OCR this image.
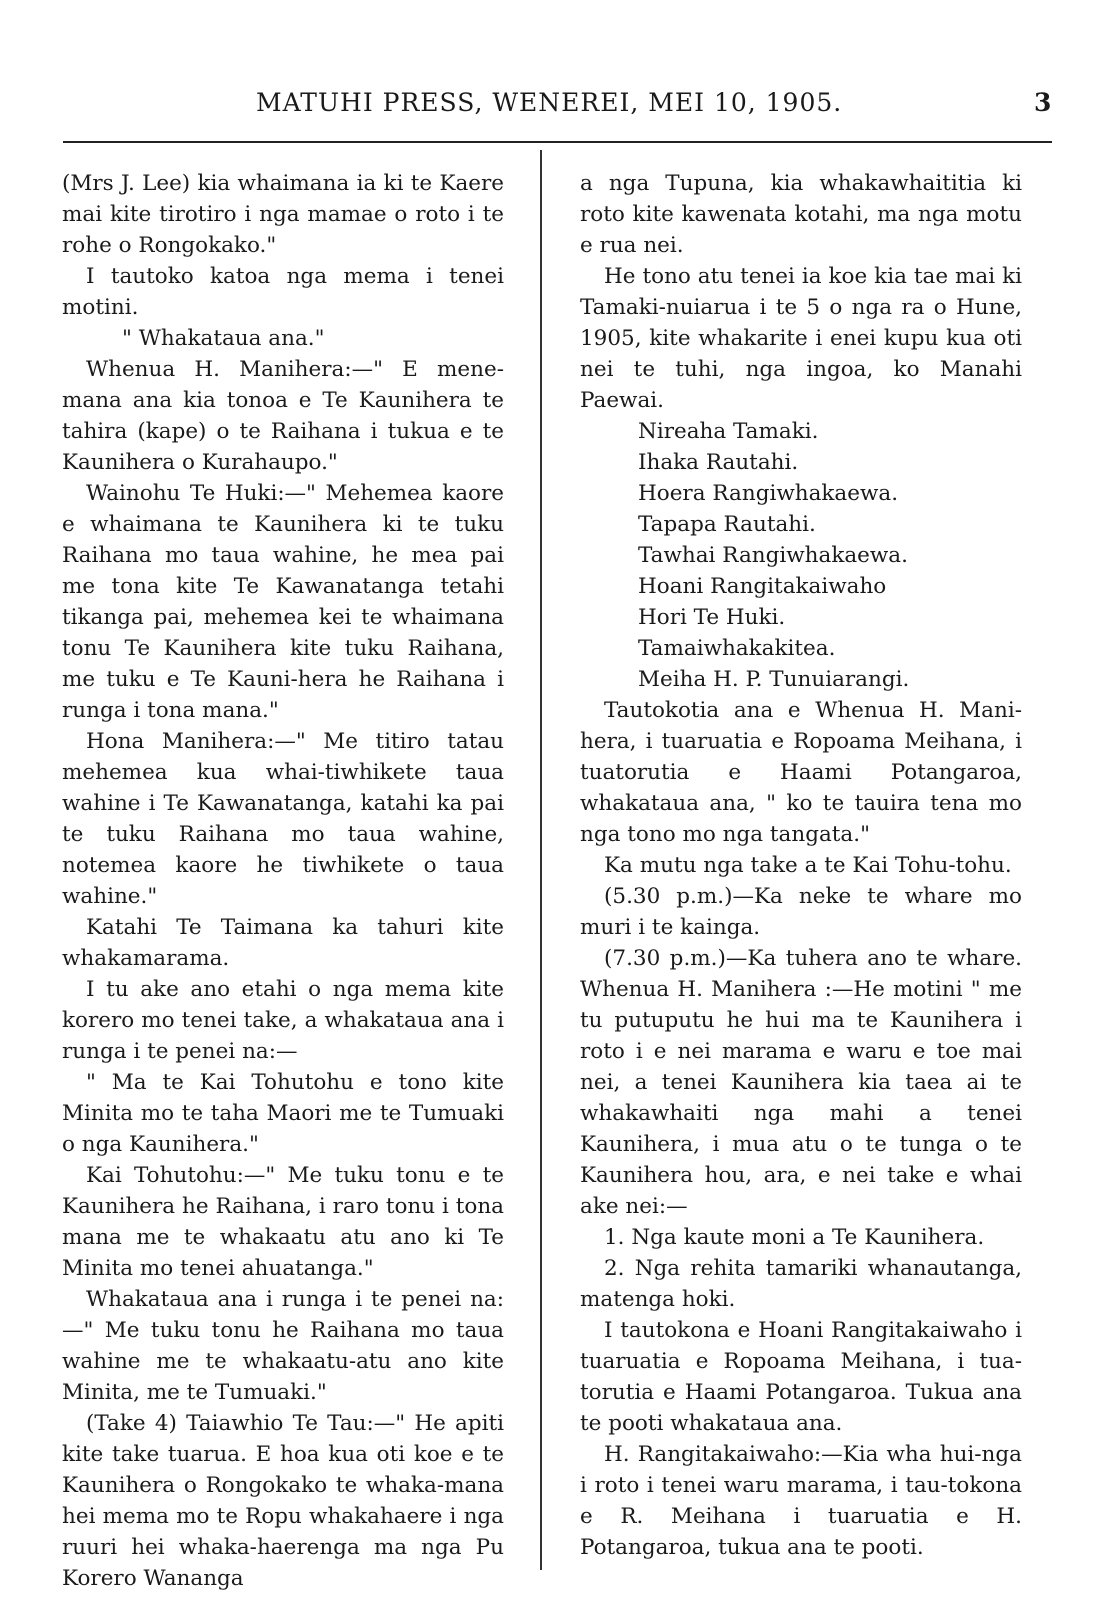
MATUHI PRESS, WENEREI, MEI 10, 1905.	3

(Mrs J. Lee) kia whaimana ia ki te Kaere mai kite tirotiro i nga mamae o roto i te rohe o Rongokako."

I tautoko katoa nga mema i tenei motini.

" Whakataua ana."

Whenua H. Manihera:—" E mene-mana ana kia tonoa e Te Kaunihera te tahira (kape) o te Raihana i tukua e te Kaunihera o Kurahaupo."

Wainohu Te Huki:—" Mehemea kaore e whaimana te Kaunihera ki te tuku Raihana mo taua wahine, he mea pai me tona kite Te Kawanatanga tetahi tikanga pai, mehemea kei te whaimana tonu Te Kaunihera kite tuku Raihana, me tuku e Te Kauni-hera he Raihana i runga i tona mana."

Hona Manihera:—" Me titiro tatau mehemea kua whai-tiwhikete taua wahine i Te Kawanatanga, katahi ka pai te tuku Raihana mo taua wahine, notemea kaore he tiwhikete o taua wahine."

Katahi Te Taimana ka tahuri kite whakamarama.

I tu ake ano etahi o nga mema kite korero mo tenei take, a whakataua ana i runga i te penei na:—

" Ma te Kai Tohutohu e tono kite Minita mo te taha Maori me te Tumuaki o nga Kaunihera."

Kai Tohutohu:—" Me tuku tonu e te Kaunihera he Raihana, i raro tonu i tona mana me te whakaatu atu ano ki Te Minita mo tenei ahuatanga."

Whakataua ana i runga i te penei na:—" Me tuku tonu he Raihana mo taua wahine me te whakaatu-atu ano kite Minita, me te Tumuaki."

(Take 4) Taiawhio Te Tau:—" He apiti kite take tuarua. E hoa kua oti koe e te Kaunihera o Rongokako te whaka-mana hei mema mo te Ropu whakahaere i nga ruuri hei whaka-haerenga ma nga Pu Korero Wananga

a nga Tupuna, kia whakawhaititia ki roto kite kawenata kotahi, ma nga motu e rua nei.

He tono atu tenei ia koe kia tae mai ki Tamaki-nuiarua i te 5 o nga ra o Hune, 1905, kite whakarite i enei kupu kua oti nei te tuhi, nga ingoa, ko Manahi Paewai.

Nireaha Tamaki.

Ihaka Rautahi.

Hoera Rangiwhakaewa.

Tapapa Rautahi.

Tawhai Rangiwhakaewa.

Hoani Rangitakaiwaho

Hori Te Huki.

Tamaiwhakakitea.

Meiha H. P. Tunuiarangi.

Tautokotia ana e Whenua H. Mani-hera, i tuaruatia e Ropoama Meihana, i tuatorutia e Haami Potangaroa, whakataua ana, " ko te tauira tena mo nga tono mo nga tangata."

Ka mutu nga take a te Kai Tohu-tohu.

(5.30 p.m.)—Ka neke te whare mo muri i te kainga.

(7.30 p.m.)—Ka tuhera ano te whare. Whenua H. Manihera :—He motini " me tu putuputu he hui ma te Kaunihera i roto i e nei marama e waru e toe mai nei, a tenei Kaunihera kia taea ai te whakawhaiti nga mahi a tenei Kaunihera, i mua atu o te tunga o te Kaunihera hou, ara, e nei take e whai ake nei:—

1. Nga kaute moni a Te Kaunihera.

2. Nga rehita tamariki whanautanga, matenga hoki.

I tautokona e Hoani Rangitakaiwaho i tuaruatia e Ropoama Meihana, i tua-torutia e Haami Potangaroa. Tukua ana te pooti whakataua ana.

H. Rangitakaiwaho:—Kia wha hui-nga i roto i tenei waru marama, i tau-tokona e R. Meihana i tuaruatia e H. Potangaroa, tukua ana te pooti.
